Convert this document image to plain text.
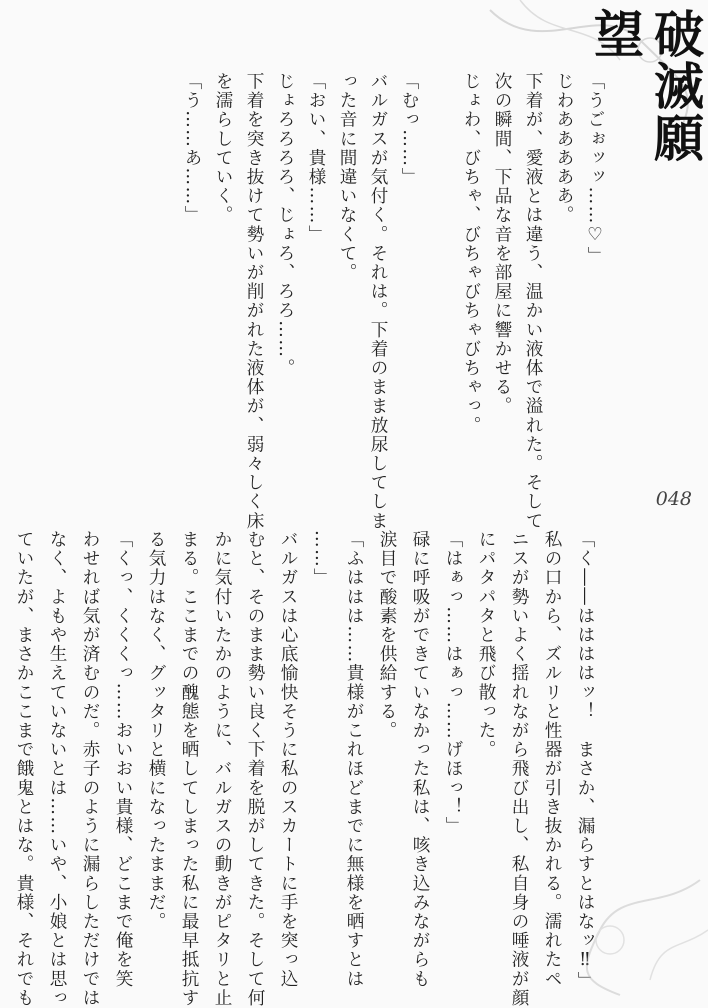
破滅願望
「うごぉッッ……♡」
じわあああああ。
下着が、愛液とは違う、温かい液体で溢れた。そして
次の瞬間、下品な音を部屋に響かせる。
じょわ、びちゃ、びちゃびちゃびちゃっ。
「むっ……」
バルガスが気付く。それは。下着のまま放尿してしま
った音に間違いなくて。
「おい、貴様……」
じょろろろろ、じょろ、ろろ……。
下着を突き抜けて勢いが削がれた液体が、弱々しく床
を濡らしていく。
「う……あ……」
048
「く――ははははッ！　まさか、漏らすとはなッ‼」
私の口から、ズルリと性器が引き抜かれる。濡れたペ
ニスが勢いよく揺れながら飛び出し、私自身の唾液が顔
にパタパタと飛び散った。
「はぁっ……はぁっ……げほっ！」
碌に呼吸ができていなかった私は、咳き込みながらも
涙目で酸素を供給する。
「ふははは……貴様がこれほどまでに無様を晒すとは
……」
バルガスは心底愉快そうに私のスカートに手を突っ込
むと、そのまま勢い良く下着を脱がしてきた。そして何
かに気付いたかのように、バルガスの動きがピタリと止
まる。ここまでの醜態を晒してしまった私に最早抵抗す
る気力はなく、グッタリと横になったままだ。
「くっ、くくくっ……おいおい貴様、どこまで俺を笑
わせれば気が済むのだ。赤子のように漏らしただけでは
なく、よもや生えていないとは……いや、小娘とは思っ
ていたが、まさかここまで餓鬼とはな。貴様、それでも
